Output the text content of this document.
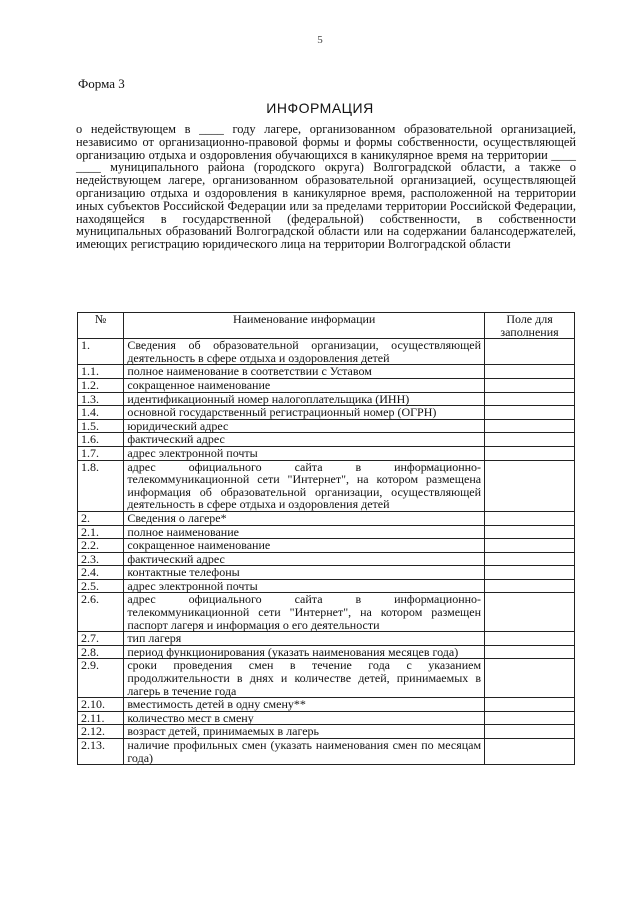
5
Форма 3
ИНФОРМАЦИЯ

о недействующем в ____ году лагере, организованном образовательной организацией, независимо от организационно-правовой формы и формы собственности, осуществляющей организацию отдыха и оздоровления обучающихся в каникулярное время на территории ____ ____ муниципального района (городского округа) Волгоградской области, а также о недействующем лагере, организованном образовательной организацией, осуществляющей организацию отдыха и оздоровления в каникулярное время, расположенной на территории иных субъектов Российской Федерации или за пределами территории Российской Федерации, находящейся в государственной (федеральной) собственности, в собственности муниципальных образований Волгоградской области или на содержании балансодержателей, имеющих регистрацию юридического лица на территории Волгоградской области

№	Наименование информации	Поле для заполнения
1.	Сведения об образовательной организации, осуществляющей деятельность в сфере отдыха и оздоровления детей	
1.1.	полное наименование в соответствии с Уставом	
1.2.	сокращенное наименование	
1.3.	идентификационный номер налогоплательщика (ИНН)	
1.4.	основной государственный регистрационный номер (ОГРН)	
1.5.	юридический адрес	
1.6.	фактический адрес	
1.7.	адрес электронной почты	
1.8.	адрес официального сайта в информационно-телекоммуникационной сети "Интернет", на котором размещена информация об образовательной организации, осуществляющей деятельность в сфере отдыха и оздоровления детей	
2.	Сведения о лагере*	
2.1.	полное наименование	
2.2.	сокращенное наименование	
2.3.	фактический адрес	
2.4.	контактные телефоны	
2.5.	адрес электронной почты	
2.6.	адрес официального сайта в информационно-телекоммуникационной сети "Интернет", на котором размещен паспорт лагеря и информация о его деятельности	
2.7.	тип лагеря	
2.8.	период функционирования (указать наименования месяцев года)	
2.9.	сроки проведения смен в течение года с указанием продолжительности в днях и количестве детей, принимаемых в лагерь в течение года	
2.10.	вместимость детей в одну смену**	
2.11.	количество мест в смену	
2.12.	возраст детей, принимаемых в лагерь	
2.13.	наличие профильных смен (указать наименования смен по месяцам года)	
